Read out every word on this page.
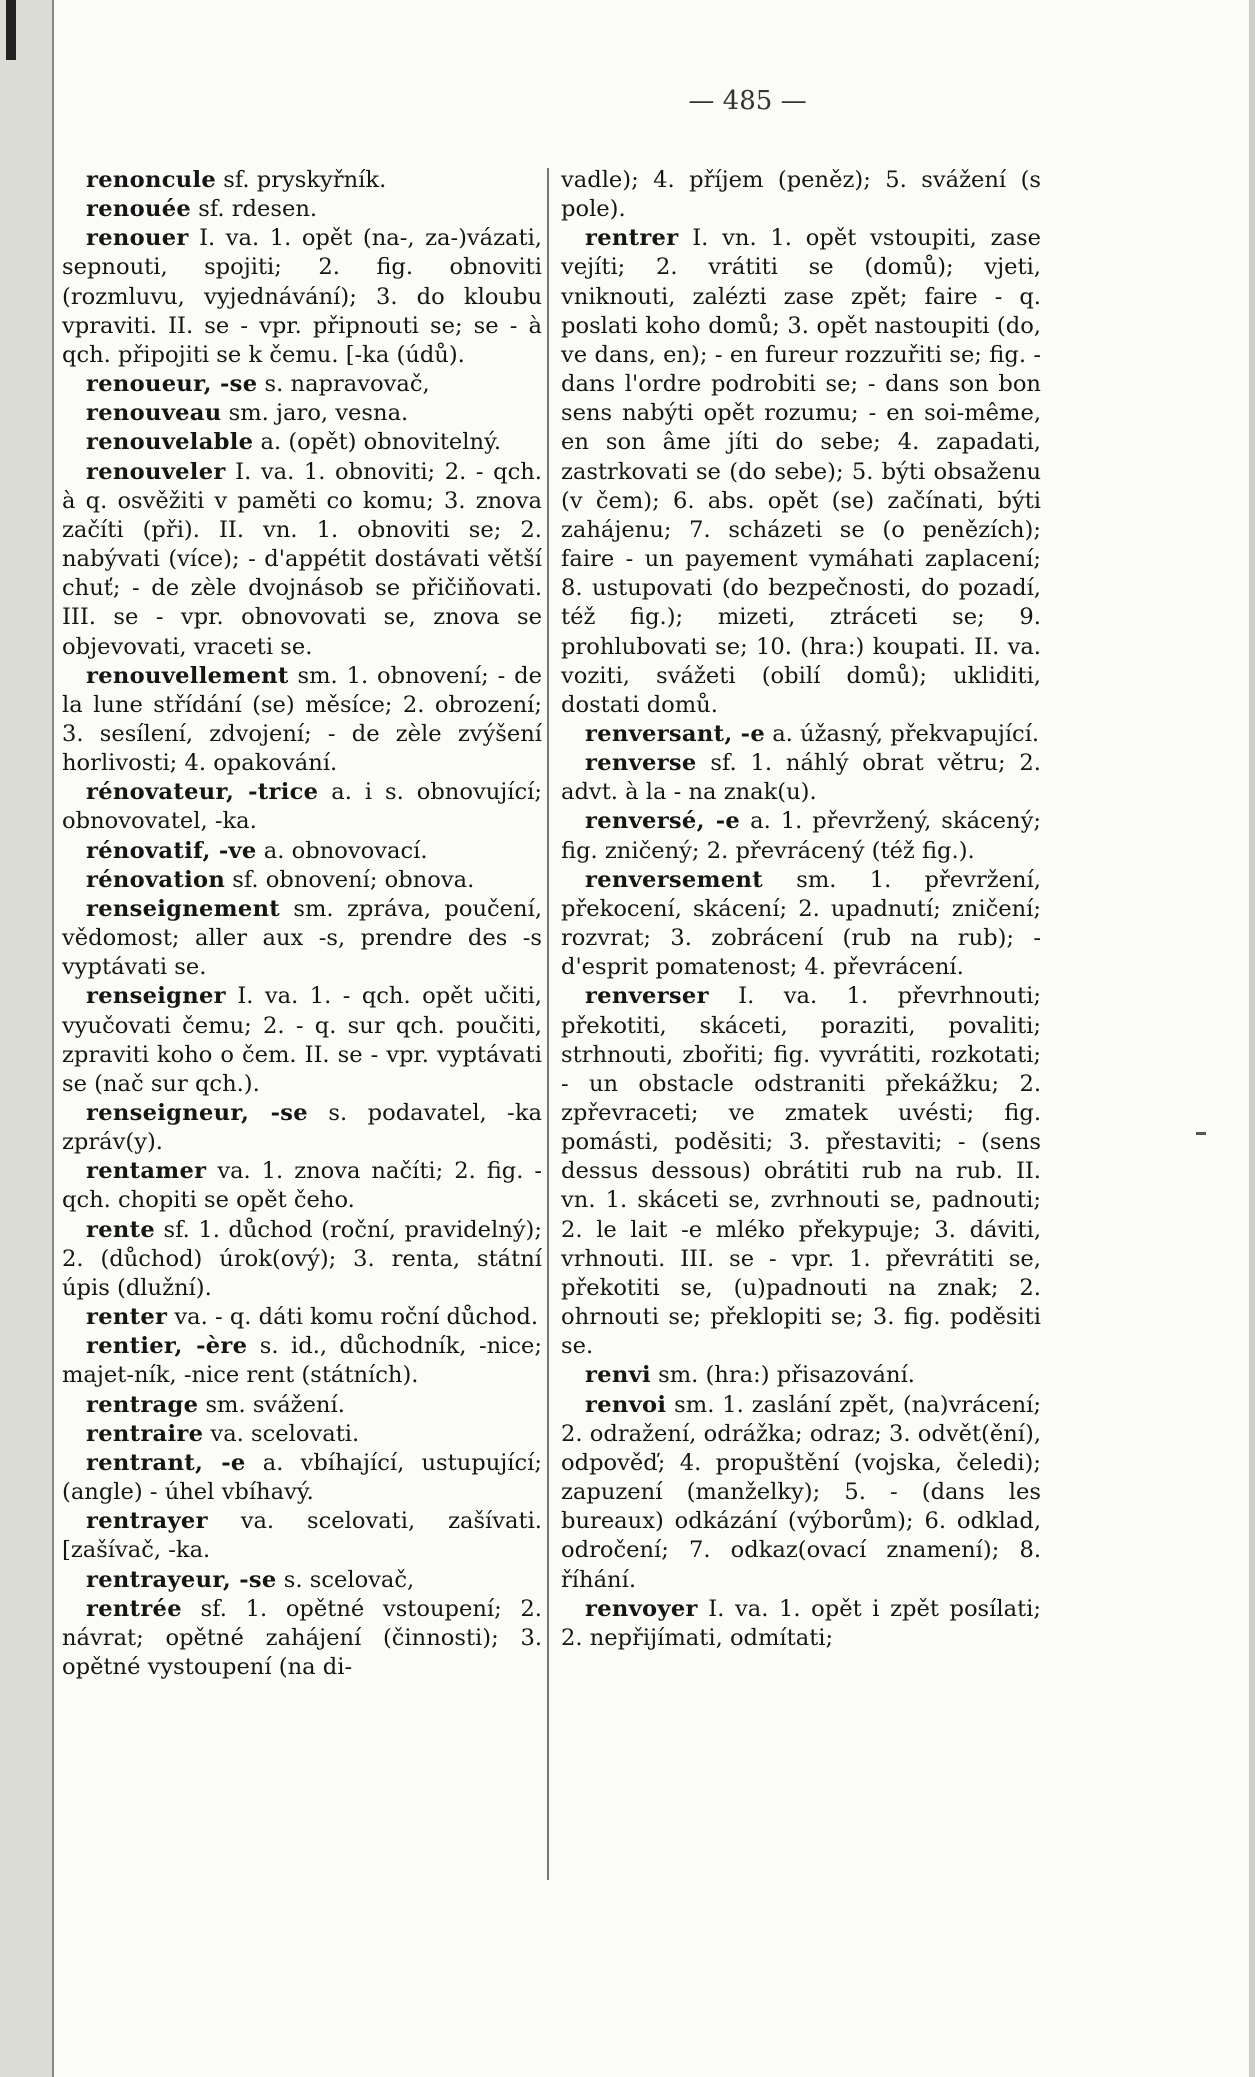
— 485 —

renoncule sf. pryskyřník.

renouée sf. rdesen.

renouer I. va. 1. opět (na-, za-)vázati, sepnouti, spojiti; 2. fig. obnoviti (rozmluvu, vyjednávání); 3. do kloubu vpraviti. II. se - vpr. připnouti se; se - à qch. připojiti se k čemu. [-ka (údů).

renoueur, -se s. napravovač,

renouveau sm. jaro, vesna.

renouvelable a. (opět) obnovitelný.

renouveler I. va. 1. obnoviti; 2. - qch. à q. osvěžiti v paměti co komu; 3. znova začíti (při). II. vn. 1. obnoviti se; 2. nabývati (více); - d'appétit dostávati větší chuť; - de zèle dvojnásob se přičiňovati. III. se - vpr. obnovovati se, znova se objevovati, vraceti se.

renouvellement sm. 1. obnovení; - de la lune střídání (se) měsíce; 2. obrození; 3. sesílení, zdvojení; - de zèle zvýšení horlivosti; 4. opakování.

rénovateur, -trice a. i s. obnovující; obnovovatel, -ka.

rénovatif, -ve a. obnovovací.

rénovation sf. obnovení; obnova.

renseignement sm. zpráva, poučení, vědomost; aller aux -s, prendre des -s vyptávati se.

renseigner I. va. 1. - qch. opět učiti, vyučovati čemu; 2. - q. sur qch. poučiti, zpraviti koho o čem. II. se - vpr. vyptávati se (nač sur qch.).

renseigneur, -se s. podavatel, -ka zpráv(y).

rentamer va. 1. znova načíti; 2. fig. - qch. chopiti se opět čeho.

rente sf. 1. důchod (roční, pravidelný); 2. (důchod) úrok(ový); 3. renta, státní úpis (dlužní).

renter va. - q. dáti komu roční důchod.

rentier, -ère s. id., důchodník, -nice; majet-ník, -nice rent (státních).

rentrage sm. svážení.

rentraire va. scelovati.

rentrant, -e a. vbíhající, ustupující; (angle) - úhel vbíhavý.

rentrayer va. scelovati, zašívati. [zašívač, -ka.

rentrayeur, -se s. scelovač,

rentrée sf. 1. opětné vstoupení; 2. návrat; opětné zahájení (činnosti); 3. opětné vystoupení (na di-

vadle); 4. příjem (peněz); 5. svážení (s pole).

rentrer I. vn. 1. opět vstoupiti, zase vejíti; 2. vrátiti se (domů); vjeti, vniknouti, zalézti zase zpět; faire - q. poslati koho domů; 3. opět nastoupiti (do, ve dans, en); - en fureur rozzuřiti se; fig. - dans l'ordre podrobiti se; - dans son bon sens nabýti opět rozumu; - en soi-même, en son âme jíti do sebe; 4. zapadati, zastrkovati se (do sebe); 5. býti obsaženu (v čem); 6. abs. opět (se) začínati, býti zahájenu; 7. scházeti se (o penězích); faire - un payement vymáhati zaplacení; 8. ustupovati (do bezpečnosti, do pozadí, též fig.); mizeti, ztráceti se; 9. prohlubovati se; 10. (hra:) koupati. II. va. voziti, svážeti (obilí domů); ukliditi, dostati domů.

renversant, -e a. úžasný, překvapující.

renverse sf. 1. náhlý obrat větru; 2. advt. à la - na znak(u).

renversé, -e a. 1. převržený, skácený; fig. zničený; 2. převrácený (též fig.).

renversement sm. 1. převržení, překocení, skácení; 2. upadnutí; zničení; rozvrat; 3. zobrácení (rub na rub); - d'esprit pomatenost; 4. převrácení.

renverser I. va. 1. převrhnouti; překotiti, skáceti, poraziti, povaliti; strhnouti, zbořiti; fig. vyvrátiti, rozkotati; - un obstacle odstraniti překážku; 2. zpřevraceti; ve zmatek uvésti; fig. pomásti, poděsiti; 3. přestaviti; - (sens dessus dessous) obrátiti rub na rub. II. vn. 1. skáceti se, zvrhnouti se, padnouti; 2. le lait -e mléko překypuje; 3. dáviti, vrhnouti. III. se - vpr. 1. převrátiti se, překotiti se, (u)padnouti na znak; 2. ohrnouti se; překlopiti se; 3. fig. poděsiti se.

renvi sm. (hra:) přisazování.

renvoi sm. 1. zaslání zpět, (na)vrácení; 2. odražení, odrážka; odraz; 3. odvět(ění), odpověď; 4. propuštění (vojska, čeledi); zapuzení (manželky); 5. - (dans les bureaux) odkázání (výborům); 6. odklad, odročení; 7. odkaz(ovací znamení); 8. říhání.

renvoyer I. va. 1. opět i zpět posílati; 2. nepřijímati, odmítati;
